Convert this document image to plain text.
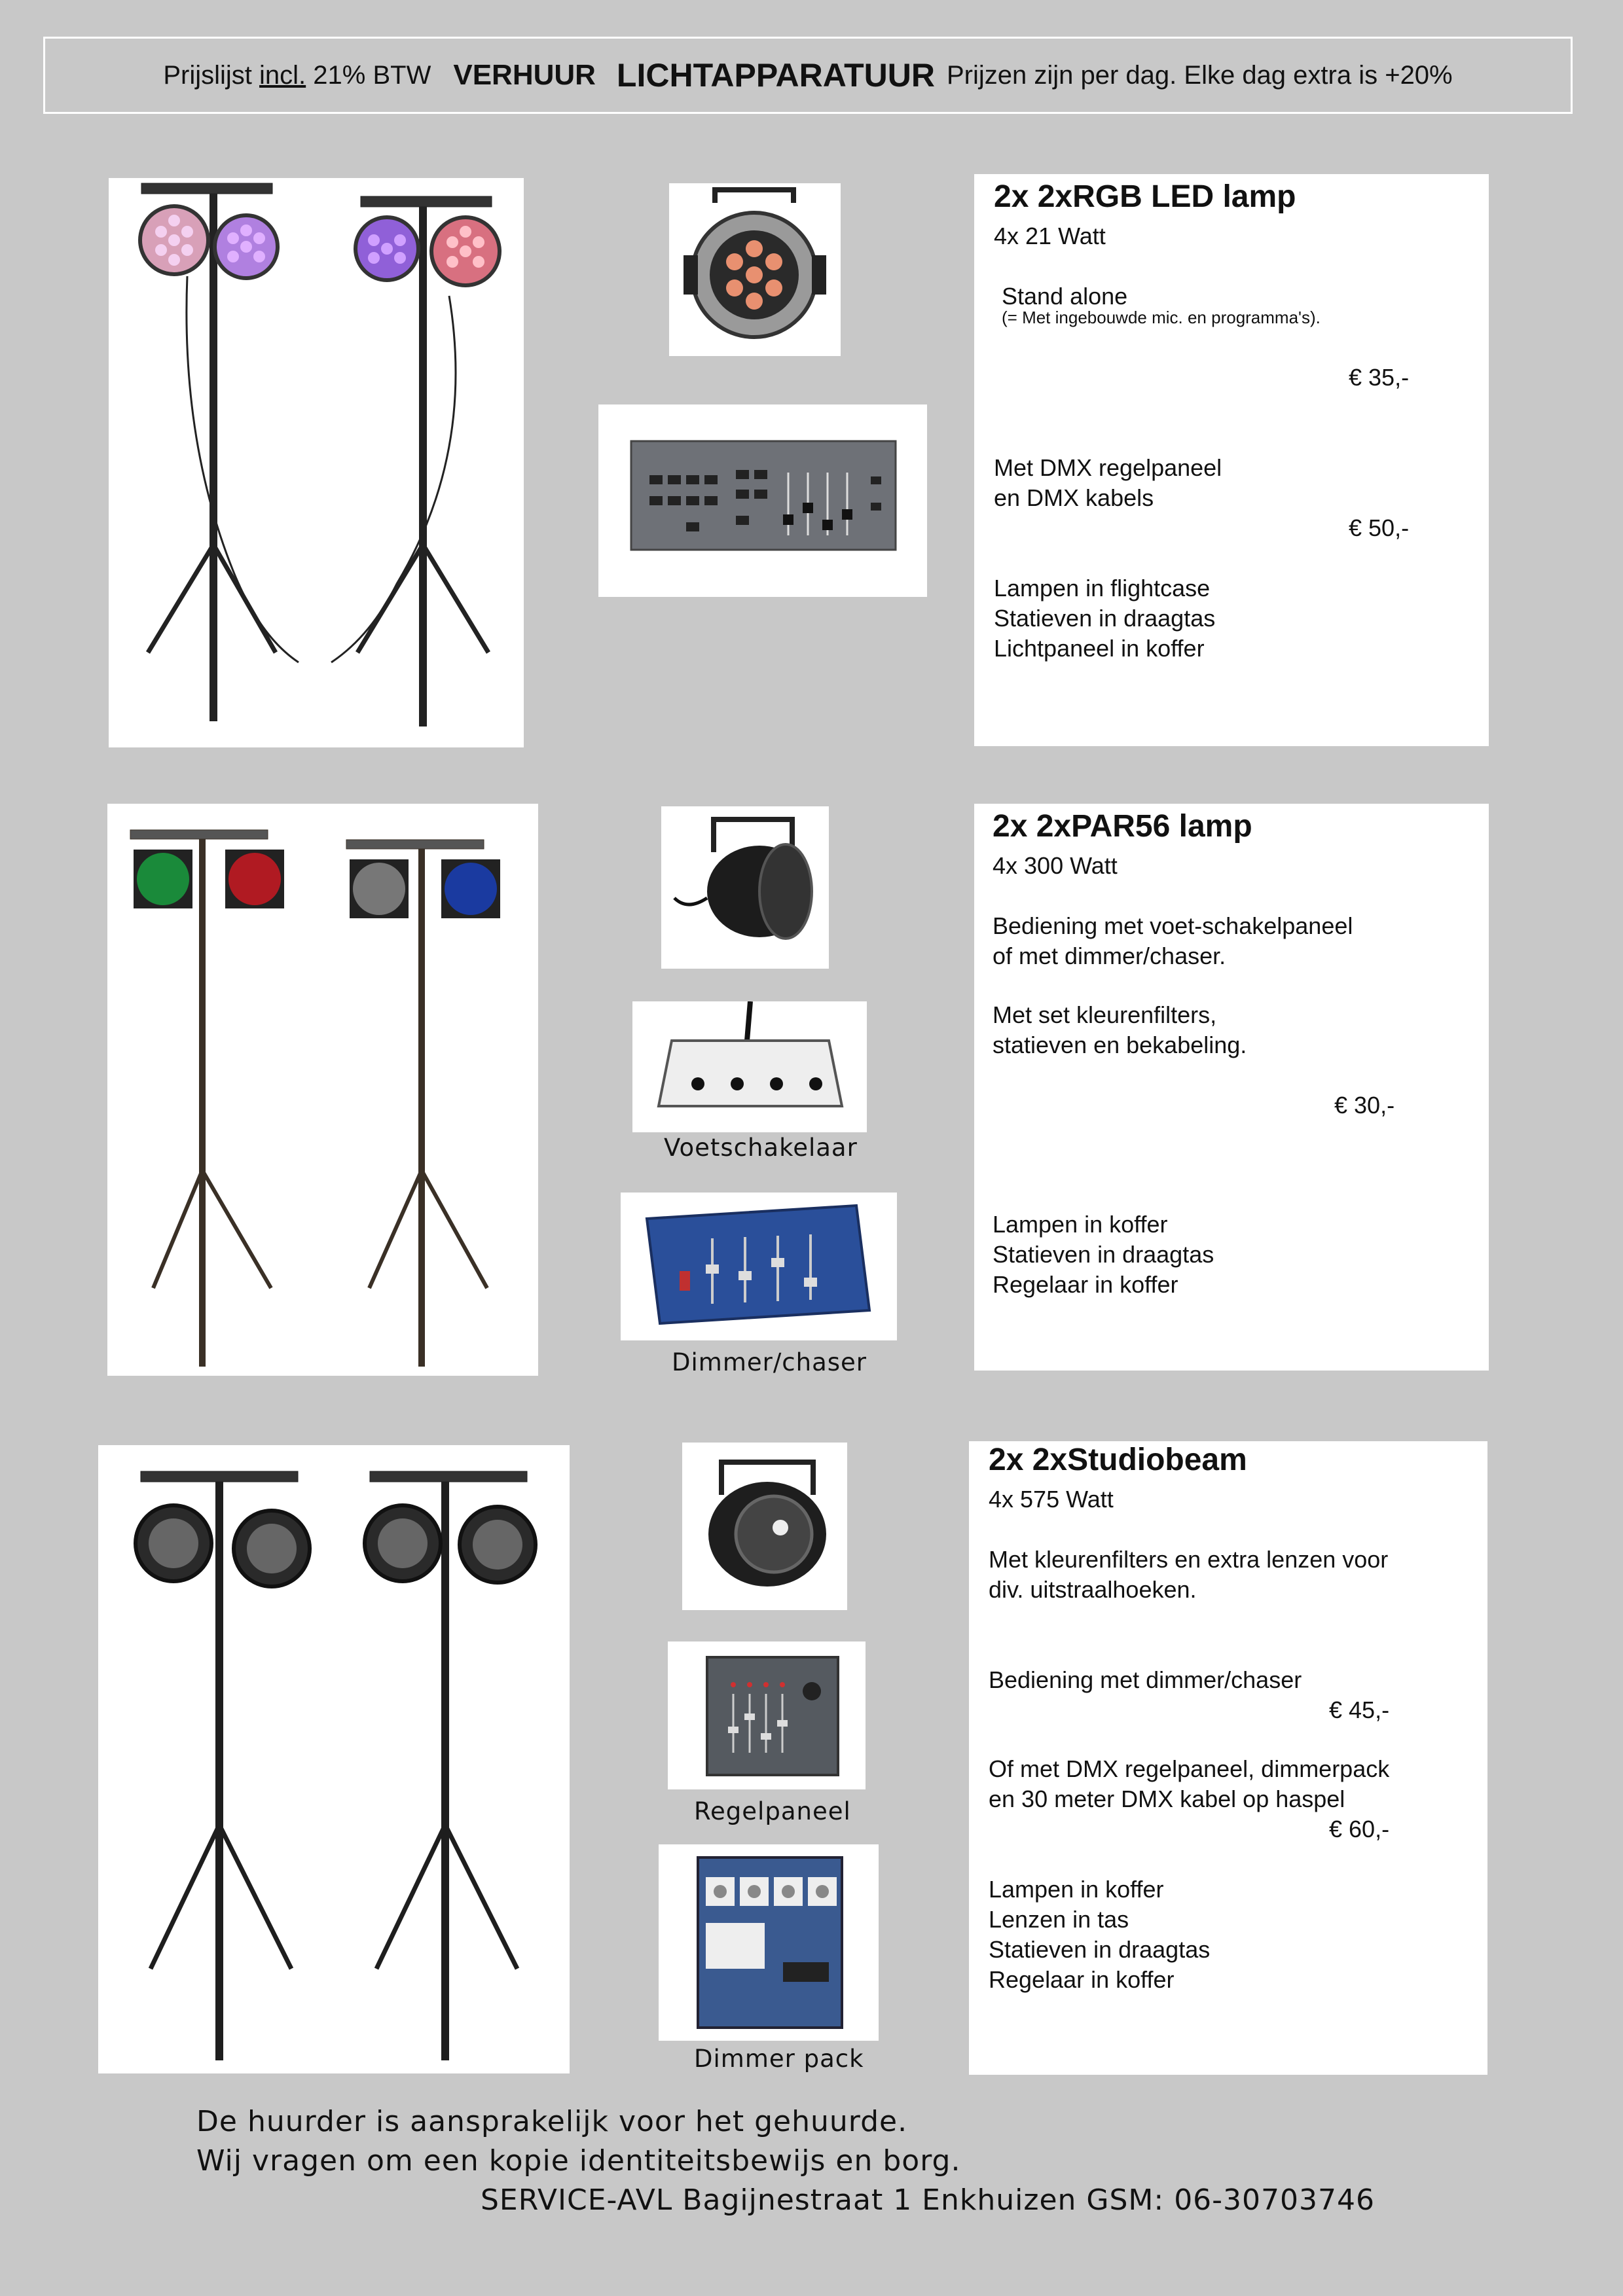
Prijslijst
incl.
21% BTW VERHUUR LICHTAPPARATUUR Prijzen zijn per dag. Elke dag extra is +20%
2x 2xRGB LED lamp
4x 21 Watt
Stand alone
(= Met ingebouwde mic. en programma's).
€ 35,-
Met DMX regelpaneel
en DMX kabels
€ 50,-
Lampen in flightcase
Statieven in draagtas
Lichtpaneel in koffer
Voetschakelaar
Dimmer/chaser
2x 2xPAR56 lamp
4x 300 Watt
Bediening met voet-schakelpaneel
of met dimmer/chaser.
Met set kleurenfilters,
statieven en bekabeling.
€ 30,-
Lampen in koffer
Statieven in draagtas
Regelaar in koffer
Regelpaneel
Dimmer pack
2x 2xStudiobeam
4x 575 Watt
Met kleurenfilters en extra lenzen voor
div. uitstraalhoeken.
Bediening met dimmer/chaser
€ 45,-
Of met DMX regelpaneel, dimmerpack
en 30 meter DMX kabel op haspel
€ 60,-
Lampen in koffer
Lenzen in tas
Statieven in draagtas
Regelaar in koffer
De huurder is aansprakelijk voor het gehuurde.
Wij vragen om een kopie identiteitsbewijs en borg.
SERVICE-AVL Bagijnestraat 1 Enkhuizen GSM: 06-30703746
